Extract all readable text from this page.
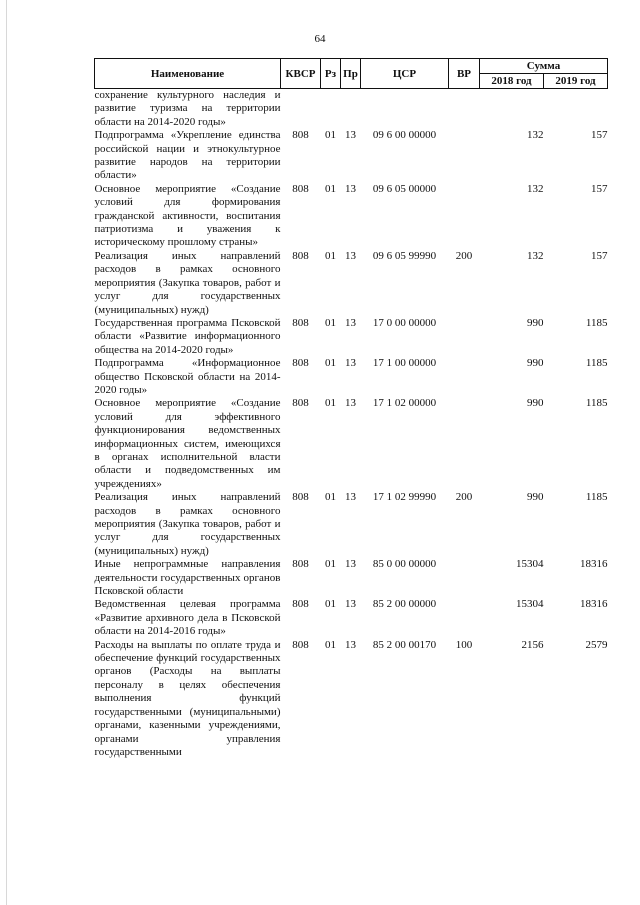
64
Наименование	КВСР	Рз	Пр	ЦСР	ВР	Сумма	
						2018 год	2019 год
сохранение культурного наследия и развитие туризма на территории области на 2014-2020 годы»							
Подпрограмма «Укрепление единства российской нации и этнокультурное развитие народов на территории области»	808	01	13	09 6 00 00000		132	157
Основное мероприятие «Создание условий для формирования гражданской активности, воспитания патриотизма и уважения к историческому прошлому страны»	808	01	13	09 6 05 00000		132	157
Реализация иных направлений расходов в рамках основного мероприятия (Закупка товаров, работ и услуг для государственных (муниципальных) нужд)	808	01	13	09 6 05 99990	200	132	157
Государственная программа Псковской области «Развитие информационного общества на 2014-2020 годы»	808	01	13	17 0 00 00000		990	1185
Подпрограмма «Информационное общество Псковской области на 2014-2020 годы»	808	01	13	17 1 00 00000		990	1185
Основное мероприятие «Создание условий для эффективного функционирования ведомственных информационных систем, имеющихся в органах исполнительной власти области и подведомственных им учреждениях»	808	01	13	17 1 02 00000		990	1185
Реализация иных направлений расходов в рамках основного мероприятия (Закупка товаров, работ и услуг для государственных (муниципальных) нужд)	808	01	13	17 1 02 99990	200	990	1185
Иные непрограммные направления деятельности государственных органов Псковской области	808	01	13	85 0 00 00000		15304	18316
Ведомственная целевая программа «Развитие архивного дела в Псковской области на 2014-2016 годы»	808	01	13	85 2 00 00000		15304	18316
Расходы на выплаты по оплате труда и обеспечение функций государственных органов (Расходы на выплаты персоналу в целях обеспечения выполнения функций государственными (муниципальными) органами, казенными учреждениями, органами управления государственными	808	01	13	85 2 00 00170	100	2156	2579
